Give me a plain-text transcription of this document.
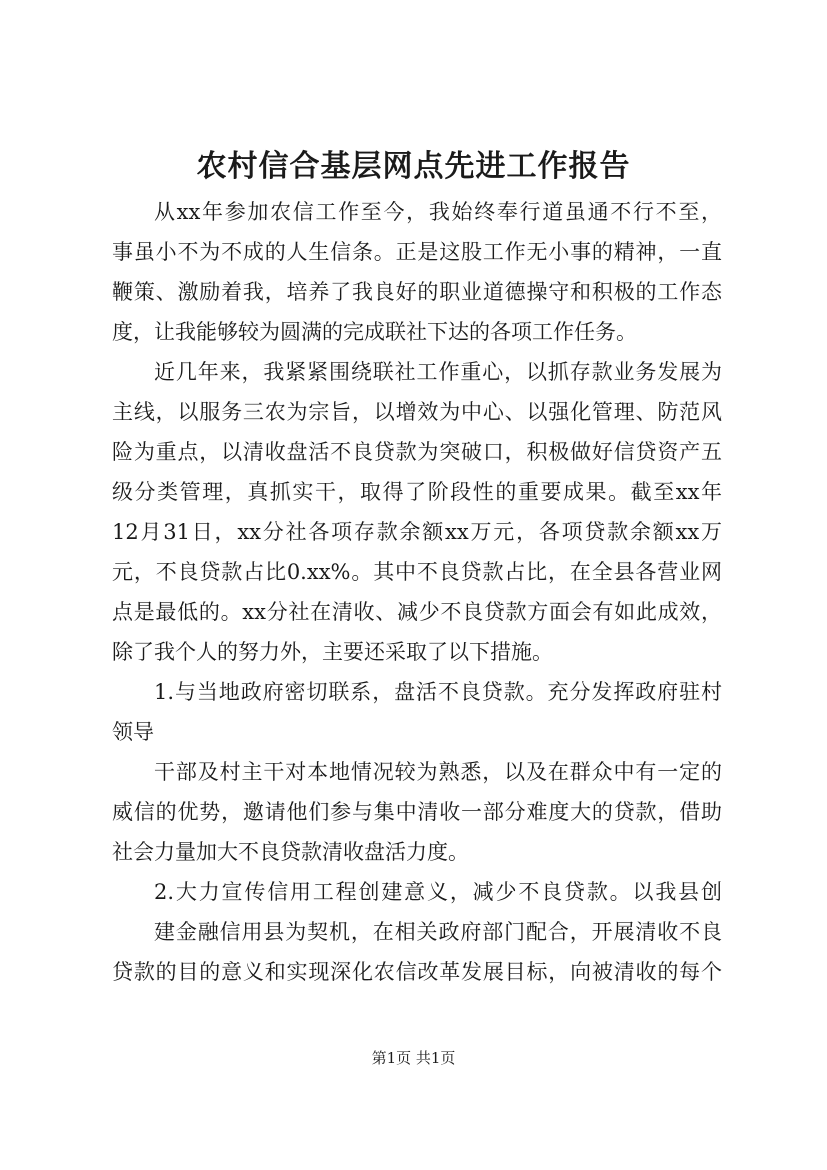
农村信合基层网点先进工作报告
从xx年参加农信工作至今，我始终奉行道虽通不行不至，
事虽小不为不成的人生信条。正是这股工作无小事的精神，一直
鞭策、激励着我，培养了我良好的职业道德操守和积极的工作态
度，让我能够较为圆满的完成联社下达的各项工作任务。
近几年来，我紧紧围绕联社工作重心，以抓存款业务发展为
主线，以服务三农为宗旨，以增效为中心、以强化管理、防范风
险为重点，以清收盘活不良贷款为突破口，积极做好信贷资产五
级分类管理，真抓实干，取得了阶段性的重要成果。截至xx年
12月31日，xx分社各项存款余额xx万元，各项贷款余额xx万
元，不良贷款占比0.xx%。其中不良贷款占比，在全县各营业网
点是最低的。xx分社在清收、减少不良贷款方面会有如此成效，
除了我个人的努力外，主要还采取了以下措施。
1.与当地政府密切联系，盘活不良贷款。充分发挥政府驻村
领导
干部及村主干对本地情况较为熟悉，以及在群众中有一定的
威信的优势，邀请他们参与集中清收一部分难度大的贷款，借助
社会力量加大不良贷款清收盘活力度。
2.大力宣传信用工程创建意义，减少不良贷款。以我县创
建金融信用县为契机，在相关政府部门配合，开展清收不良
贷款的目的意义和实现深化农信改革发展目标，向被清收的每个
第1页 共1页
